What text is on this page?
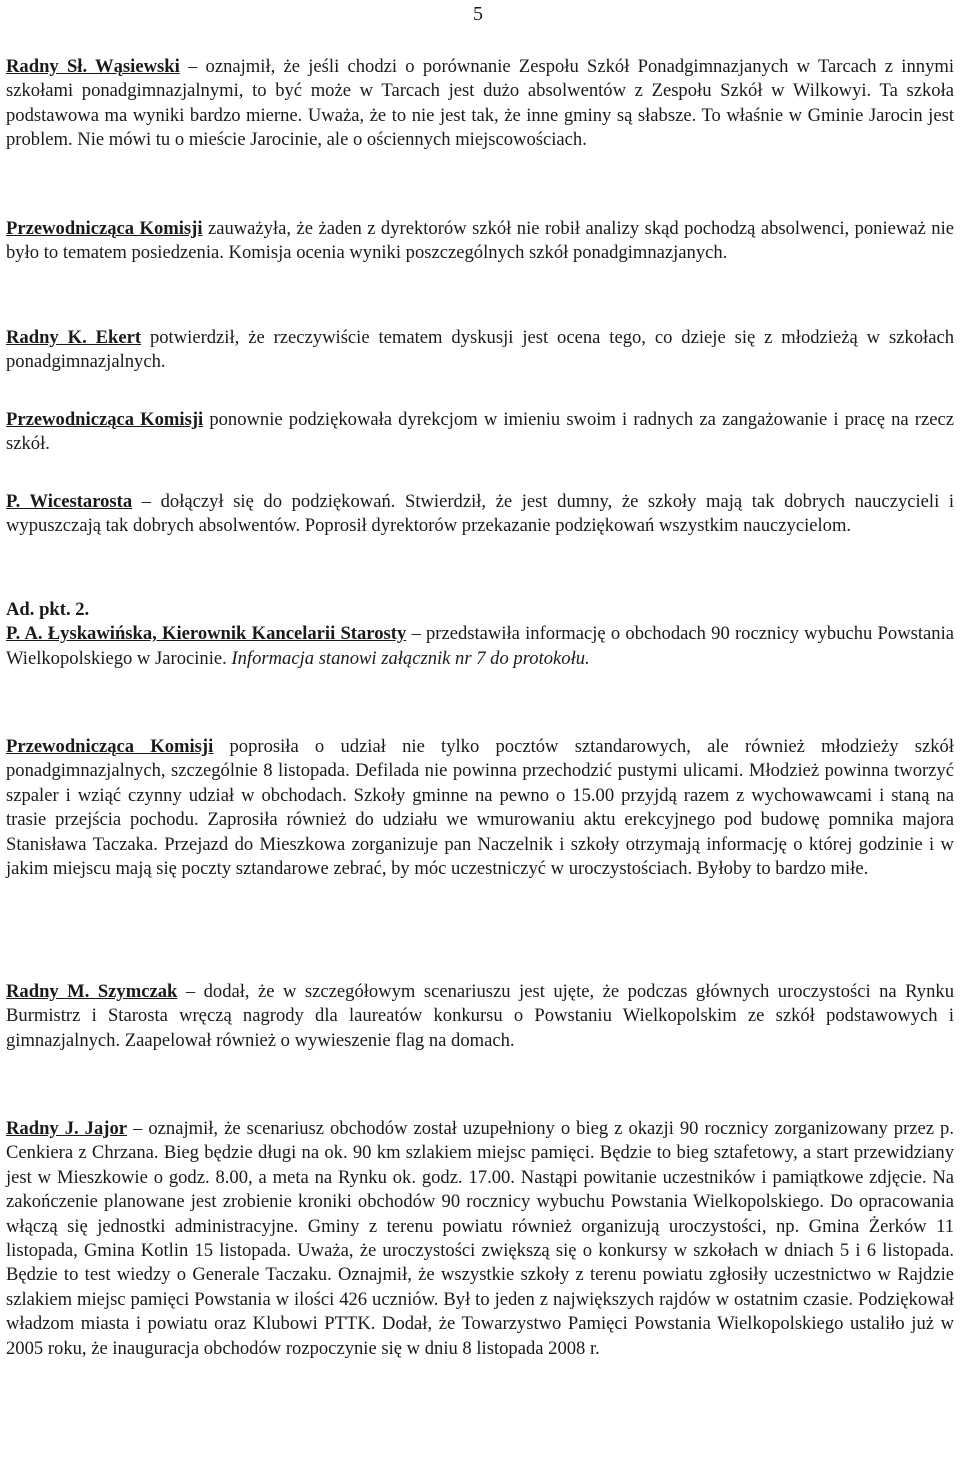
5

Radny Sł. Wąsiewski – oznajmił, że jeśli chodzi o porównanie Zespołu Szkół Ponadgimnazjanych w Tarcach z innymi szkołami ponadgimnazjalnymi, to być może w Tarcach jest dużo absolwentów z Zespołu Szkół w Wilkowyi. Ta szkoła podstawowa ma wyniki bardzo mierne. Uważa, że to nie jest tak, że inne gminy są słabsze. To właśnie w Gminie Jarocin jest problem. Nie mówi tu o mieście Jarocinie, ale o ościennych miejscowościach.

Przewodnicząca Komisji zauważyła, że żaden z dyrektorów szkół nie robił analizy skąd pochodzą absolwenci, ponieważ nie było to tematem posiedzenia. Komisja ocenia wyniki poszczególnych szkół ponadgimnazjanych.

Radny K. Ekert potwierdził, że rzeczywiście tematem dyskusji jest ocena tego, co dzieje się z młodzieżą w szkołach ponadgimnazjalnych.

Przewodnicząca Komisji ponownie podziękowała dyrekcjom w imieniu swoim i radnych za zangażowanie i pracę na rzecz szkół.

P. Wicestarosta – dołączył się do podziękowań. Stwierdził, że jest dumny, że szkoły mają tak dobrych nauczycieli i wypuszczają tak dobrych absolwentów. Poprosił dyrektorów przekazanie podziękowań wszystkim nauczycielom.

Ad. pkt. 2.
P. A. Łyskawińska, Kierownik Kancelarii Starosty – przedstawiła informację o obchodach 90 rocznicy wybuchu Powstania Wielkopolskiego w Jarocinie. Informacja stanowi załącznik nr 7 do protokołu.

Przewodnicząca Komisji poprosiła o udział nie tylko pocztów sztandarowych, ale również młodzieży szkół ponadgimnazjalnych, szczególnie 8 listopada. Defilada nie powinna przechodzić pustymi ulicami. Młodzież powinna tworzyć szpaler i wziąć czynny udział w obchodach. Szkoły gminne na pewno o 15.00 przyjdą razem z wychowawcami i staną na trasie przejścia pochodu. Zaprosiła również do udziału we wmurowaniu aktu erekcyjnego pod budowę pomnika majora Stanisława Taczaka. Przejazd do Mieszkowa zorganizuje pan Naczelnik i szkoły otrzymają informację o której godzinie i w jakim miejscu mają się poczty sztandarowe zebrać, by móc uczestniczyć w uroczystościach. Byłoby to bardzo miłe.

Radny M. Szymczak – dodał, że w szczegółowym scenariuszu jest ujęte, że podczas głównych uroczystości na Rynku Burmistrz i Starosta wręczą nagrody dla laureatów konkursu o Powstaniu Wielkopolskim ze szkół podstawowych i gimnazjalnych. Zaapelował również o wywieszenie flag na domach.

Radny J. Jajor – oznajmił, że scenariusz obchodów został uzupełniony o bieg z okazji 90 rocznicy zorganizowany przez p. Cenkiera z Chrzana. Bieg będzie długi na ok. 90 km szlakiem miejsc pamięci. Będzie to bieg sztafetowy, a start przewidziany jest w Mieszkowie o godz. 8.00, a meta na Rynku ok. godz. 17.00. Nastąpi powitanie uczestników i pamiątkowe zdjęcie. Na zakończenie planowane jest zrobienie kroniki obchodów 90 rocznicy wybuchu Powstania Wielkopolskiego. Do opracowania włączą się jednostki administracyjne. Gminy z terenu powiatu również organizują uroczystości, np. Gmina Żerków 11 listopada, Gmina Kotlin 15 listopada. Uważa, że uroczystości zwiększą się o konkursy w szkołach w dniach 5 i 6 listopada. Będzie to test wiedzy o Generale Taczaku. Oznajmił, że wszystkie szkoły z terenu powiatu zgłosiły uczestnictwo w Rajdzie szlakiem miejsc pamięci Powstania w ilości 426 uczniów. Był to jeden z największych rajdów w ostatnim czasie. Podziękował władzom miasta i powiatu oraz Klubowi PTTK. Dodał, że Towarzystwo Pamięci Powstania Wielkopolskiego ustaliło już w 2005 roku, że inauguracja obchodów rozpoczynie się w dniu 8 listopada 2008 r.
